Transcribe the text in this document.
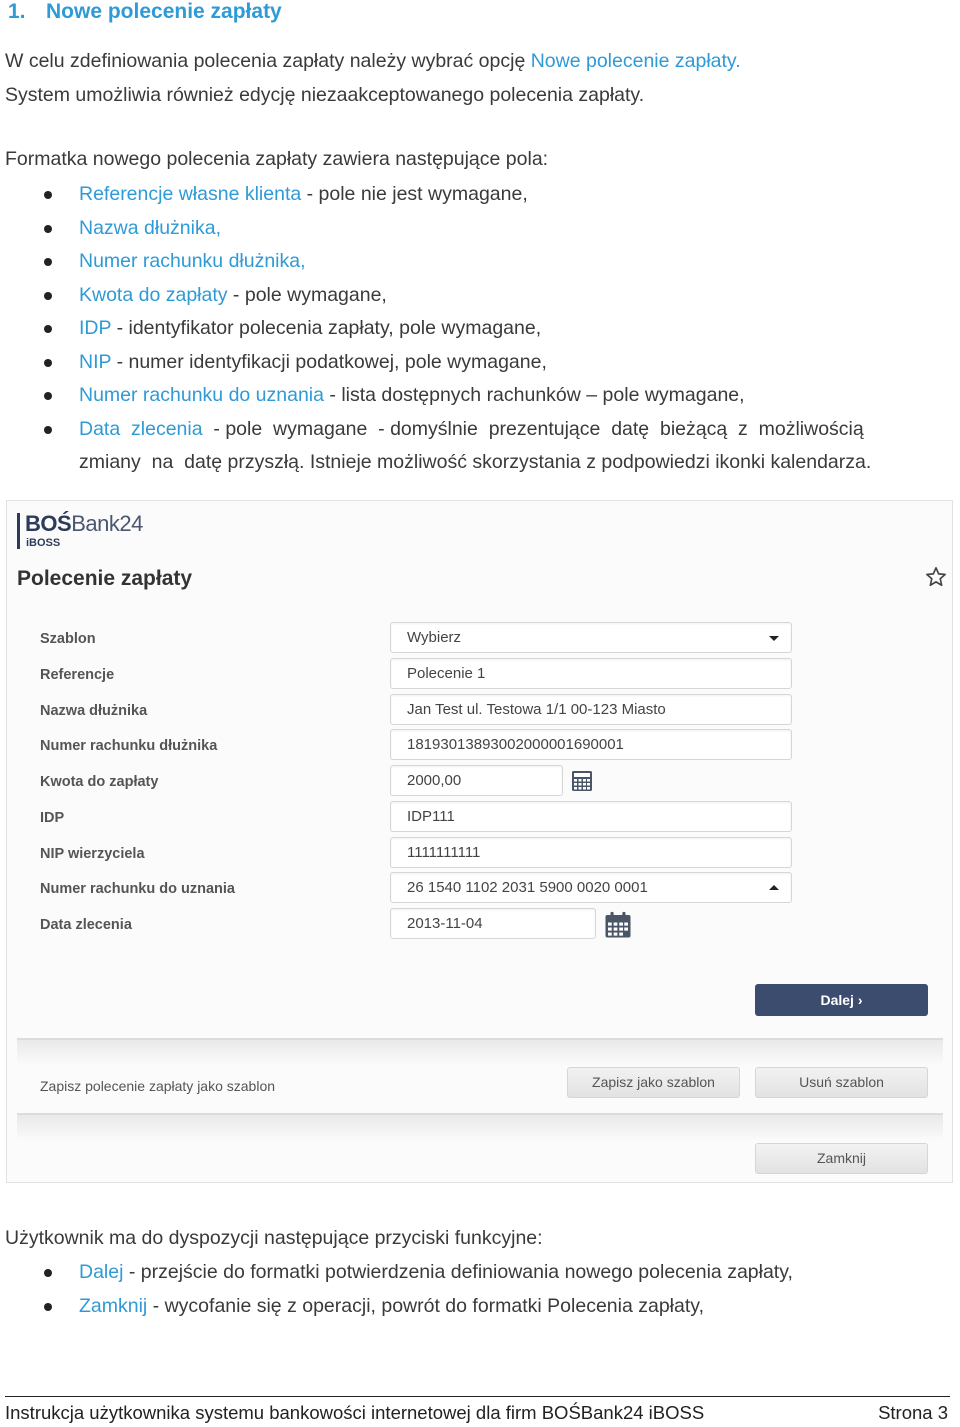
1. Nowe polecenie zapłaty
W celu zdefiniowania polecenia zapłaty należy wybrać opcję Nowe polecenie zapłaty.
System umożliwia również edycję niezaakceptowanego polecenia zapłaty.
Formatka nowego polecenia zapłaty zawiera następujące pola:
Referencje własne klienta - pole nie jest wymagane,
Nazwa dłużnika,
Numer rachunku dłużnika,
Kwota do zapłaty - pole wymagane,
IDP - identyfikator polecenia zapłaty, pole wymagane,
NIP - numer identyfikacji podatkowej, pole wymagane,
Numer rachunku do uznania - lista dostępnych rachunków – pole wymagane,
Data  zlecenia  - pole  wymagane  - domyślnie  prezentujące  datę  bieżącą  z  możliwością
zmiany  na  datę przyszłą. Istnieje możliwość skorzystania z podpowiedzi ikonki kalendarza.
BOŚBank24
iBOSS
Polecenie zapłaty
Szablon	Wybierz
Referencje	Polecenie 1
Nazwa dłużnika	Jan Test ul. Testowa 1/1 00-123 Miasto
Numer rachunku dłużnika	18193013893002000001690001
Kwota do zapłaty	2000,00
IDP	IDP111
NIP wierzyciela	1111111111
Numer rachunku do uznania	26 1540 1102 2031 5900 0020 0001
Data zlecenia	2013-11-04
Dalej ›
Zapisz polecenie zapłaty jako szablon	Zapisz jako szablon	Usuń szablon
Zamknij
Użytkownik ma do dyspozycji następujące przyciski funkcyjne:
Dalej - przejście do formatki potwierdzenia definiowania nowego polecenia zapłaty,
Zamknij - wycofanie się z operacji, powrót do formatki Polecenia zapłaty,
Instrukcja użytkownika systemu bankowości internetowej dla firm BOŚBank24 iBOSS	Strona 3
